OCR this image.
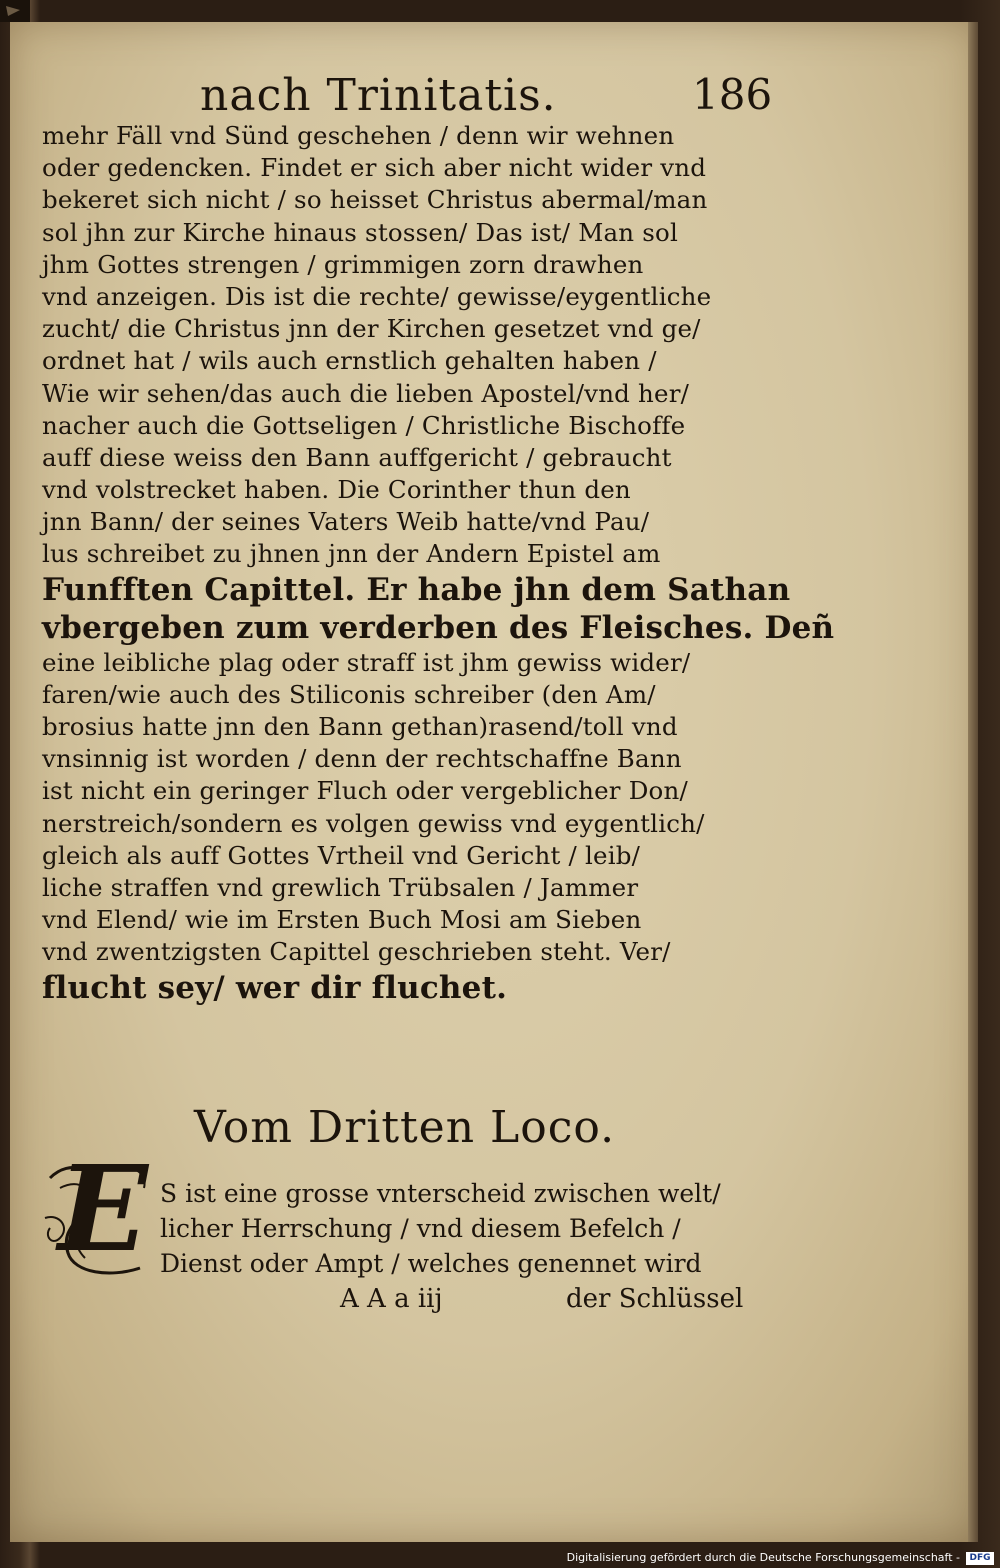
nach Trinitatis.	186
mehr Fäll vnd Sünd geschehen / denn wir wehnen
oder gedencken. Findet er sich aber nicht wider vnd
bekeret sich nicht / so heisset Christus abermal/man
sol jhn zur Kirche hinaus stossen/ Das ist/ Man sol
jhm Gottes strengen / grimmigen zorn drawhen
vnd anzeigen. Dis ist die rechte/ gewisse/eygentliche
zucht/ die Christus jnn der Kirchen gesetzet vnd ge/
ordnet hat / wils auch ernstlich gehalten haben /
Wie wir sehen/das auch die lieben Apostel/vnd her/
nacher auch die Gottseligen / Christliche Bischoffe
auff diese weiss den Bann auffgericht / gebraucht
vnd volstrecket haben. Die Corinther thun den
jnn Bann/ der seines Vaters Weib hatte/vnd Pau/
lus schreibet zu jhnen jnn der Andern Epistel am
Funfften Capittel. Er habe jhn dem Sathan
vbergeben zum verderben des Fleisches. Deñ
eine leibliche plag oder straff ist jhm gewiss wider/
faren/wie auch des Stiliconis schreiber (den Am/
brosius hatte jnn den Bann gethan)rasend/toll vnd
vnsinnig ist worden / denn der rechtschaffne Bann
ist nicht ein geringer Fluch oder vergeblicher Don/
nerstreich/sondern es volgen gewiss vnd eygentlich/
gleich als auff Gottes Vrtheil vnd Gericht / leib/
liche straffen vnd grewlich Trübsalen / Jammer
vnd Elend/ wie im Ersten Buch Mosi am Sieben
vnd zwentzigsten Capittel geschrieben steht. Ver/
flucht sey/ wer dir fluchet.
Vom Dritten Loco.
E S ist eine grosse vnterscheid zwischen welt/
licher Herrschung / vnd diesem Befelch /
Dienst oder Ampt / welches genennet wird
A A a iij	der Schlüssel
Digitalisierung gefördert durch die Deutsche Forschungsgemeinschaft -	DFG
